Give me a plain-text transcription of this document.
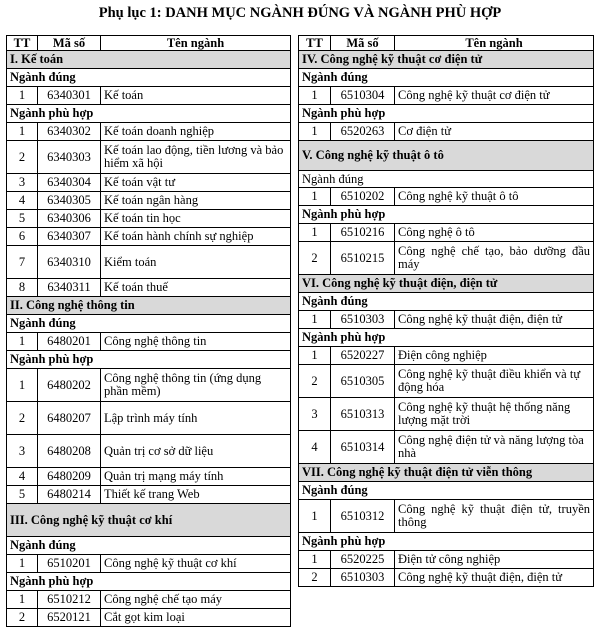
Phụ lục 1: DANH MỤC NGÀNH ĐÚNG VÀ NGÀNH PHÙ HỢP
TT	Mã số	Tên ngành
I. Kế toán		
Ngành đúng		
1	6340301	Kế toán
Ngành phù hợp		
1	6340302	Kế toán doanh nghiệp
2	6340303	Kế toán lao động, tiền lương và bảo hiểm xã hội
3	6340304	Kế toán vật tư
4	6340305	Kế toán ngân hàng
5	6340306	Kế toán tin học
6	6340307	Kế toán hành chính sự nghiệp
7	6340310	Kiểm toán
8	6340311	Kế toán thuế
II. Công nghệ thông tin		
Ngành đúng		
1	6480201	Công nghệ thông tin
Ngành phù hợp		
1	6480202	Công nghệ thông tin (ứng dụng phần mềm)
2	6480207	Lập trình máy tính
3	6480208	Quản trị cơ sở dữ liệu
4	6480209	Quản trị mạng máy tính
5	6480214	Thiết kế trang Web
III. Công nghệ kỹ thuật cơ khí		
Ngành đúng		
1	6510201	Công nghệ kỹ thuật cơ khí
Ngành phù hợp		
1	6510212	Công nghệ chế tạo máy
2	6520121	Cắt gọt kim loại
TT	Mã số	Tên ngành
IV. Công nghệ kỹ thuật cơ điện tử		
Ngành đúng		
1	6510304	Công nghệ kỹ thuật cơ điện tử
Ngành phù hợp		
1	6520263	Cơ điện tử
V. Công nghệ kỹ thuật ô tô		
Ngành đúng		
1	6510202	Công nghệ kỹ thuật ô tô
Ngành phù hợp		
1	6510216	Công nghệ ô tô
2	6510215	Công nghệ chế tạo, bảo dưỡng đầu máy
VI. Công nghệ kỹ thuật điện, điện tử		
Ngành đúng		
1	6510303	Công nghệ kỹ thuật điện, điện tử
Ngành phù hợp		
1	6520227	Điện công nghiệp
2	6510305	Công nghệ kỹ thuật điều khiển và tự động hóa
3	6510313	Công nghệ kỹ thuật hệ thống năng lượng mặt trời
4	6510314	Công nghệ điện tử và năng lượng tòa nhà
VII. Công nghệ kỹ thuật điện tử viễn thông		
Ngành đúng		
1	6510312	Công nghệ kỹ thuật điện tử, truyền thông
Ngành phù hợp		
1	6520225	Điện tử công nghiệp
2	6510303	Công nghệ kỹ thuật điện, điện tử
